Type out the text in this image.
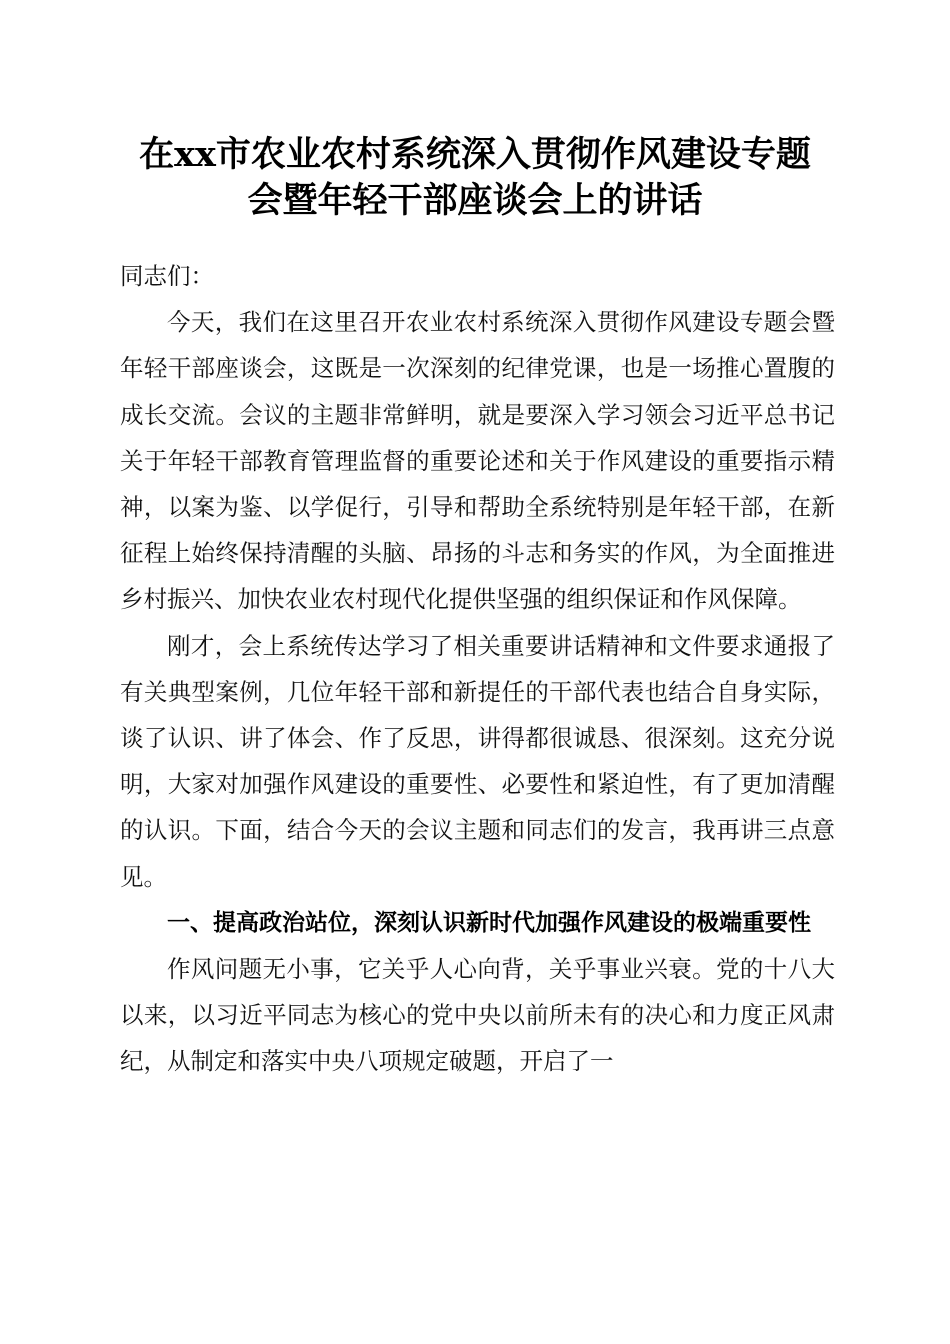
在xx市农业农村系统深入贯彻作风建设专题
会暨年轻干部座谈会上的讲话

同志们：

今天，我们在这里召开农业农村系统深入贯彻作风建设专题会暨年轻干部座谈会，这既是一次深刻的纪律党课，也是一场推心置腹的成长交流。会议的主题非常鲜明，就是要深入学习领会习近平总书记关于年轻干部教育管理监督的重要论述和关于作风建设的重要指示精神，以案为鉴、以学促行，引导和帮助全系统特别是年轻干部，在新征程上始终保持清醒的头脑、昂扬的斗志和务实的作风，为全面推进乡村振兴、加快农业农村现代化提供坚强的组织保证和作风保障。

刚才，会上系统传达学习了相关重要讲话精神和文件要求通报了有关典型案例，几位年轻干部和新提任的干部代表也结合自身实际，谈了认识、讲了体会、作了反思，讲得都很诚恳、很深刻。这充分说明，大家对加强作风建设的重要性、必要性和紧迫性，有了更加清醒的认识。下面，结合今天的会议主题和同志们的发言，我再讲三点意见。

一、提高政治站位，深刻认识新时代加强作风建设的极端重要性

作风问题无小事，它关乎人心向背，关乎事业兴衰。党的十八大以来，以习近平同志为核心的党中央以前所未有的决心和力度正风肃纪，从制定和落实中央八项规定破题，开启了一
